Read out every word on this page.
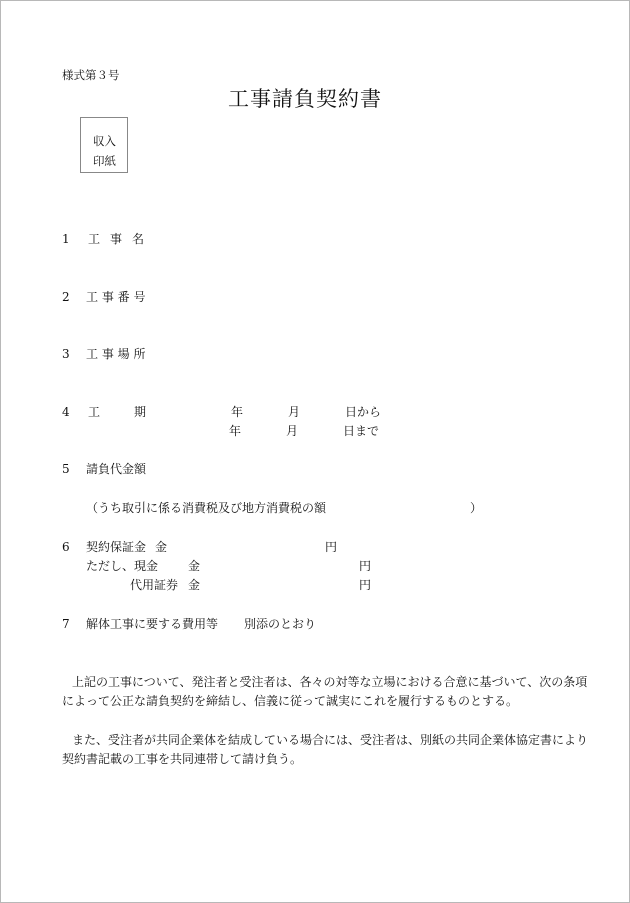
様式第３号
工事請負契約書
収入
印紙
1 工 事 名
2 工 事 番 号
3 工 事 場 所
4 工	期	年	月	日から
年	月	日まで
5 請負代金額
（うち取引に係る消費税及び地方消費税の額	）
6 契約保証金 金	円
ただし、現金 金	円
代用証券 金	円
7 解体工事に要する費用等 別添のとおり
上記の工事について、発注者と受注者は、各々の対等な立場における合意に基づいて、次の条項
によって公正な請負契約を締結し、信義に従って誠実にこれを履行するものとする。
また、受注者が共同企業体を結成している場合には、受注者は、別紙の共同企業体協定書により
契約書記載の工事を共同連帯して請け負う。
